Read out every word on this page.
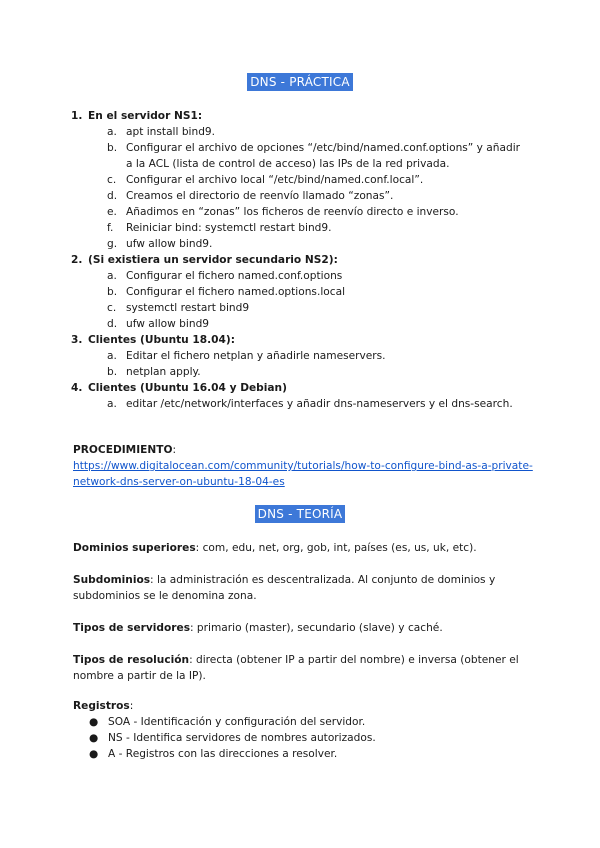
DNS - PRÁCTICA
1. En el servidor NS1:
a. apt install bind9.
b. Configurar el archivo de opciones “/etc/bind/named.conf.options” y añadir a la ACL (lista de control de acceso) las IPs de la red privada.
c. Configurar el archivo local “/etc/bind/named.conf.local”.
d. Creamos el directorio de reenvío llamado “zonas”.
e. Añadimos en “zonas” los ficheros de reenvío directo e inverso.
f. Reiniciar bind: systemctl restart bind9.
g. ufw allow bind9.
2. (Si existiera un servidor secundario NS2):
a. Configurar el fichero named.conf.options
b. Configurar el fichero named.options.local
c. systemctl restart bind9
d. ufw allow bind9
3. Clientes (Ubuntu 18.04):
a. Editar el fichero netplan y añadirle nameservers.
b. netplan apply.
4. Clientes (Ubuntu 16.04 y Debian)
a. editar /etc/network/interfaces y añadir dns-nameservers y el dns-search.
PROCEDIMIENTO:
https://www.digitalocean.com/community/tutorials/how-to-configure-bind-as-a-private-network-dns-server-on-ubuntu-18-04-es
DNS - TEORÍA
Dominios superiores: com, edu, net, org, gob, int, países (es, us, uk, etc).
Subdominios: la administración es descentralizada. Al conjunto de dominios y subdominios se le denomina zona.
Tipos de servidores: primario (master), secundario (slave) y caché.
Tipos de resolución: directa (obtener IP a partir del nombre) e inversa (obtener el nombre a partir de la IP).
Registros:
● SOA - Identificación y configuración del servidor.
● NS - Identifica servidores de nombres autorizados.
● A - Registros con las direcciones a resolver.
